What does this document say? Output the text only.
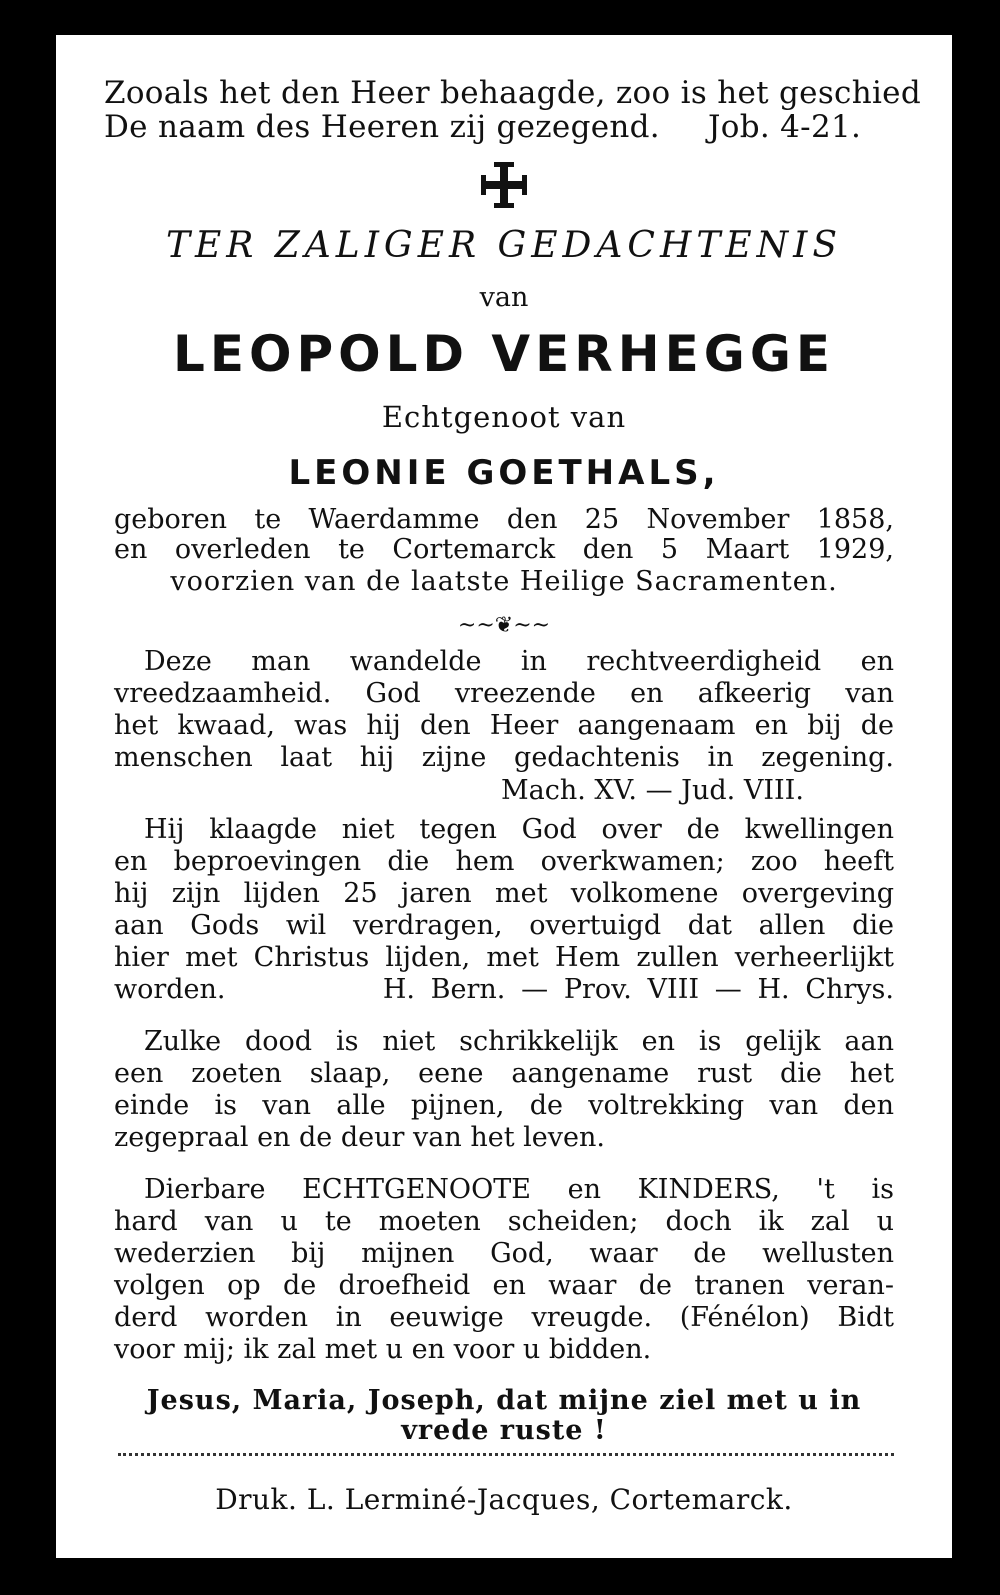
Zooals het den Heer behaagde, zoo is het geschied
De naam des Heeren zij gezegend. Job. 4-21.
TER ZALIGER GEDACHTENIS
van
LEOPOLD VERHEGGE
Echtgenoot van
LEONIE GOETHALS,
geboren te Waerdamme den 25 November 1858,
en overleden te Cortemarck den 5 Maart 1929,
voorzien van de laatste Heilige Sacramenten.
~~❦~~
Deze man wandelde in rechtveerdigheid en
vreedzaamheid. God vreezende en afkeerig van
het kwaad, was hij den Heer aangenaam en bij de
menschen laat hij zijne gedachtenis in zegening.
Mach. XV. — Jud. VIII.
Hij klaagde niet tegen God over de kwellingen
en beproevingen die hem overkwamen; zoo heeft
hij zijn lijden 25 jaren met volkomene overgeving
aan Gods wil verdragen, overtuigd dat allen die
hier met Christus lijden, met Hem zullen verheerlijkt
worden.          H. Bern. — Prov. VIII — H. Chrys.
Zulke dood is niet schrikkelijk en is gelijk aan
een zoeten slaap, eene aangename rust die het
einde is van alle pijnen, de voltrekking van den
zegepraal en de deur van het leven.
Dierbare ECHTGENOOTE en KINDERS, 't is
hard van u te moeten scheiden; doch ik zal u
wederzien bij mijnen God, waar de wellusten
volgen op de droefheid en waar de tranen veran-
derd worden in eeuwige vreugde. (Fénélon) Bidt
voor mij; ik zal met u en voor u bidden.
Jesus, Maria, Joseph, dat mijne ziel met u in
vrede ruste !
Druk. L. Lerminé-Jacques, Cortemarck.
